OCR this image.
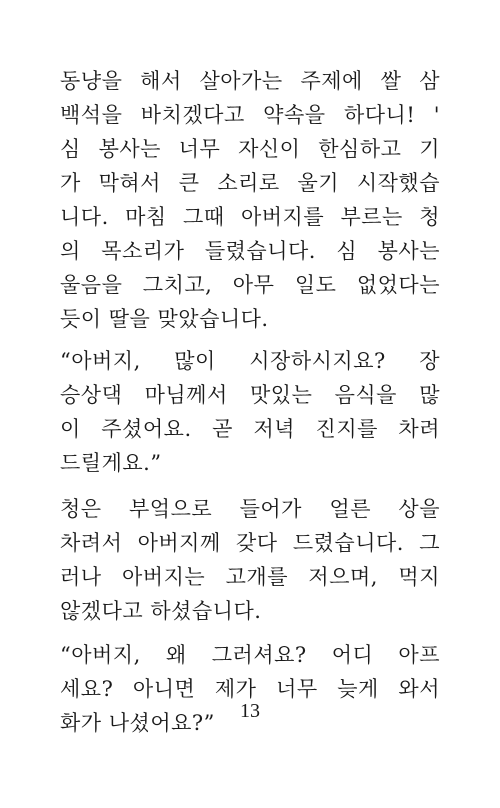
동냥을 해서 살아가는 주제에 쌀 삼
백석을 바치겠다고 약속을 하다니! '
심 봉사는 너무 자신이 한심하고 기
가 막혀서 큰 소리로 울기 시작했습
니다. 마침 그때 아버지를 부르는 청
의 목소리가 들렸습니다. 심 봉사는
울음을 그치고, 아무 일도 없었다는
듯이 딸을 맞았습니다.
“아버지, 많이 시장하시지요? 장
승상댁 마님께서 맛있는 음식을 많
이 주셨어요. 곧 저녁 진지를 차려
드릴게요.”
청은 부엌으로 들어가 얼른 상을
차려서 아버지께 갖다 드렸습니다. 그
러나 아버지는 고개를 저으며, 먹지
않겠다고 하셨습니다.
“아버지, 왜 그러셔요? 어디 아프
세요? 아니면 제가 너무 늦게 와서
화가 나셨어요?”	13
